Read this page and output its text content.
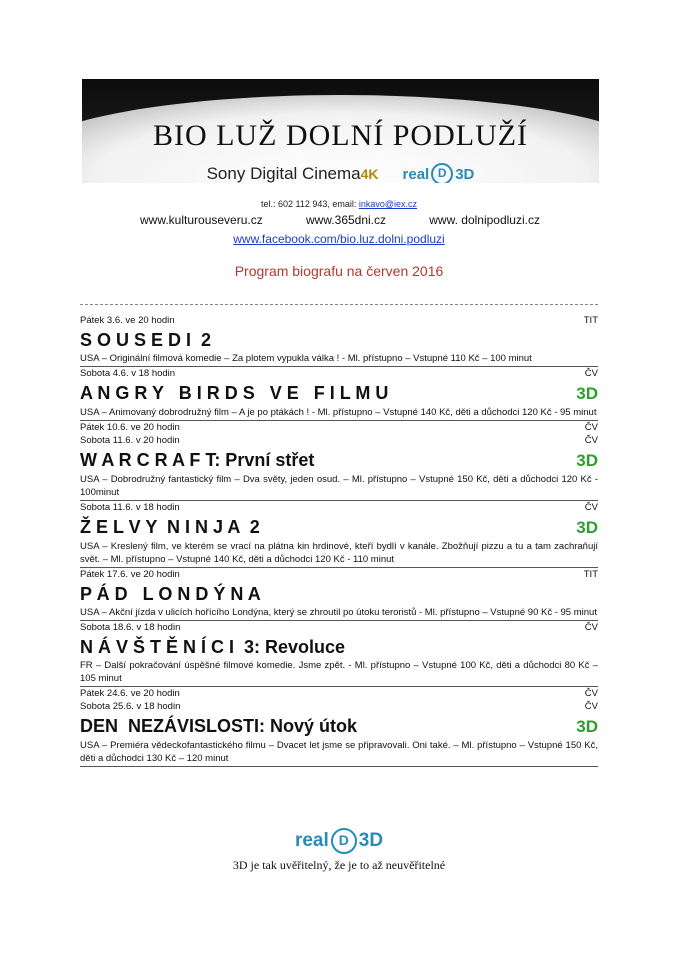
BIO LUŽ DOLNÍ PODLUŽÍ
Sony Digital Cinema4K real D 3D
tel.: 602 112 943, email: inkavo@iex.cz
www.kulturouseveru.cz	www.365dni.cz	www. dolnipodluzi.cz
www.facebook.com/bio.luz.dolni.podluzi
Program biografu na červen 2016
Pátek 3.6. ve 20 hodin	TIT
S O U S E D I  2
USA – Originální filmová komedie – Za plotem vypukla válka ! - Ml. přístupno – Vstupné 110 Kč – 100 minut
Sobota 4.6. v 18 hodin	ČV
A N G R Y   B I R D S   V E   F I L M U	3D
USA – Animovaný dobrodružný film – A je po ptákách ! - Ml. přístupno – Vstupné 140 Kč, děti a důchodci 120 Kč - 95 minut
Pátek 10.6. ve 20 hodin	ČV
Sobota 11.6. v 20 hodin	ČV
W A R C R A F T: První střet	3D
USA – Dobrodružný fantastický film – Dva světy, jeden osud. – Ml. přístupno – Vstupné 150 Kč, děti a důchodci 120 Kč - 100minut
Sobota 11.6. v 18 hodin	ČV
Ž E L V Y  N I N J A  2	3D
USA – Kreslený film, ve kterém se vrací na plátna kin hrdinové, kteří bydlí v kanále. Zbožňují pizzu a tu a tam zachraňují svět. – Ml. přístupno – Vstupné 140 Kč, děti a důchodci 120 Kč - 110 minut
Pátek 17.6. ve 20 hodin	TIT
P Á D   L O N D Ý N A
USA – Akční jízda v ulicích hořícího Londýna, který se zhroutil po útoku teroristů - Ml. přístupno – Vstupné 90 Kč - 95 minut
Sobota 18.6. v 18 hodin	ČV
N Á V Š T Ě N Í C I  3: Revoluce
FR – Další pokračování úspěšné filmové komedie. Jsme zpět. - Ml. přístupno – Vstupné 100 Kč, děti a důchodci 80 Kč – 105 minut
Pátek 24.6. ve 20 hodin	ČV
Sobota 25.6. v 18 hodin	ČV
DEN  NEZÁVISLOSTI: Nový útok	3D
USA – Premiéra vědeckofantastického filmu – Dvacet let jsme se připravovali. Oni také. – Ml. přístupno – Vstupné 150 Kč, děti a důchodci 130 Kč – 120 minut
real D 3D
3D je tak uvěřitelný, že je to až neuvěřitelné
